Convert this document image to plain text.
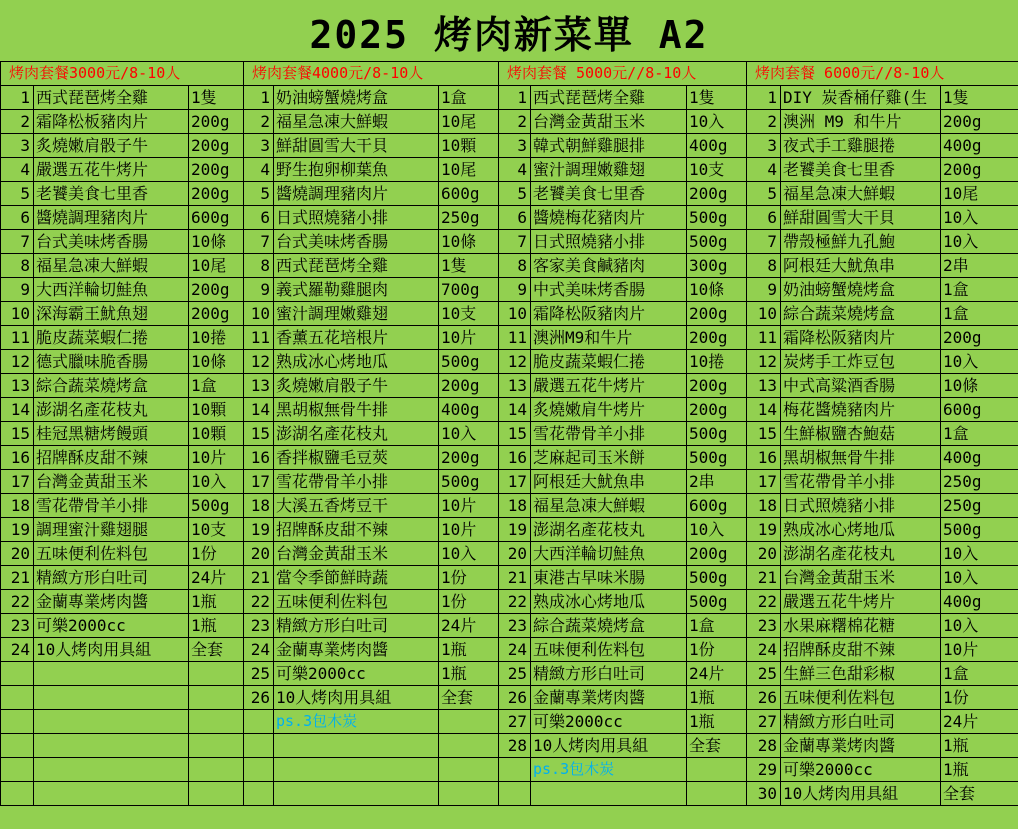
2025 烤肉新菜單 A2
烤肉套餐3000元/8-10人			烤肉套餐4000元/8-10人			烤肉套餐 5000元//8-10人			烤肉套餐 6000元//8-10人		
1	西式琵琶烤全雞	1隻	1	奶油螃蟹燒烤盒	1盒	1	西式琵琶烤全雞	1隻	1	DIY 炭香桶仔雞(生	1隻
2	霜降松板豬肉片	200g	2	福星急凍大鮮蝦	10尾	2	台灣金黃甜玉米	10入	2	澳洲 M9 和牛片	200g
3	炙燒嫩肩骰子牛	200g	3	鮮甜圓雪大干貝	10顆	3	韓式朝鮮雞腿排	400g	3	夜式手工雞腿捲	400g
4	嚴選五花牛烤片	200g	4	野生抱卵柳葉魚	10尾	4	蜜汁調理嫩雞翅	10支	4	老饕美食七里香	200g
5	老饕美食七里香	200g	5	醬燒調理豬肉片	600g	5	老饕美食七里香	200g	5	福星急凍大鮮蝦	10尾
6	醬燒調理豬肉片	600g	6	日式照燒豬小排	250g	6	醬燒梅花豬肉片	500g	6	鮮甜圓雪大干貝	10入
7	台式美味烤香腸	10條	7	台式美味烤香腸	10條	7	日式照燒豬小排	500g	7	帶殼極鮮九孔鮑	10入
8	福星急凍大鮮蝦	10尾	8	西式琵琶烤全雞	1隻	8	客家美食鹹豬肉	300g	8	阿根廷大魷魚串	2串
9	大西洋輪切鮭魚	200g	9	義式羅勒雞腿肉	700g	9	中式美味烤香腸	10條	9	奶油螃蟹燒烤盒	1盒
10	深海霸王魷魚翅	200g	10	蜜汁調理嫩雞翅	10支	10	霜降松阪豬肉片	200g	10	綜合蔬菜燒烤盒	1盒
11	脆皮蔬菜蝦仁捲	10捲	11	香薰五花培根片	10片	11	澳洲M9和牛片	200g	11	霜降松阪豬肉片	200g
12	德式臘味脆香腸	10條	12	熟成冰心烤地瓜	500g	12	脆皮蔬菜蝦仁捲	10捲	12	炭烤手工炸豆包	10入
13	綜合蔬菜燒烤盒	1盒	13	炙燒嫩肩骰子牛	200g	13	嚴選五花牛烤片	200g	13	中式高粱酒香腸	10條
14	澎湖名產花枝丸	10顆	14	黑胡椒無骨牛排	400g	14	炙燒嫩肩牛烤片	200g	14	梅花醬燒豬肉片	600g
15	桂冠黑糖烤饅頭	10顆	15	澎湖名產花枝丸	10入	15	雪花帶骨羊小排	500g	15	生鮮椒鹽杏鮑菇	1盒
16	招牌酥皮甜不辣	10片	16	香拌椒鹽毛豆莢	200g	16	芝麻起司玉米餅	500g	16	黑胡椒無骨牛排	400g
17	台灣金黃甜玉米	10入	17	雪花帶骨羊小排	500g	17	阿根廷大魷魚串	2串	17	雪花帶骨羊小排	250g
18	雪花帶骨羊小排	500g	18	大溪五香烤豆干	10片	18	福星急凍大鮮蝦	600g	18	日式照燒豬小排	250g
19	調理蜜汁雞翅腿	10支	19	招牌酥皮甜不辣	10片	19	澎湖名產花枝丸	10入	19	熟成冰心烤地瓜	500g
20	五味便利佐料包	1份	20	台灣金黃甜玉米	10入	20	大西洋輪切鮭魚	200g	20	澎湖名產花枝丸	10入
21	精緻方形白吐司	24片	21	當令季節鮮時蔬	1份	21	東港古早味米腸	500g	21	台灣金黃甜玉米	10入
22	金蘭專業烤肉醬	1瓶	22	五味便利佐料包	1份	22	熟成冰心烤地瓜	500g	22	嚴選五花牛烤片	400g
23	可樂2000cc	1瓶	23	精緻方形白吐司	24片	23	綜合蔬菜燒烤盒	1盒	23	水果麻糬棉花糖	10入
24	10人烤肉用具組	全套	24	金蘭專業烤肉醬	1瓶	24	五味便利佐料包	1份	24	招牌酥皮甜不辣	10片
			25	可樂2000cc	1瓶	25	精緻方形白吐司	24片	25	生鮮三色甜彩椒	1盒
			26	10人烤肉用具組	全套	26	金蘭專業烤肉醬	1瓶	26	五味便利佐料包	1份
				ps.3包木炭		27	可樂2000cc	1瓶	27	精緻方形白吐司	24片
						28	10人烤肉用具組	全套	28	金蘭專業烤肉醬	1瓶
							ps.3包木炭		29	可樂2000cc	1瓶
									30	10人烤肉用具組	全套
